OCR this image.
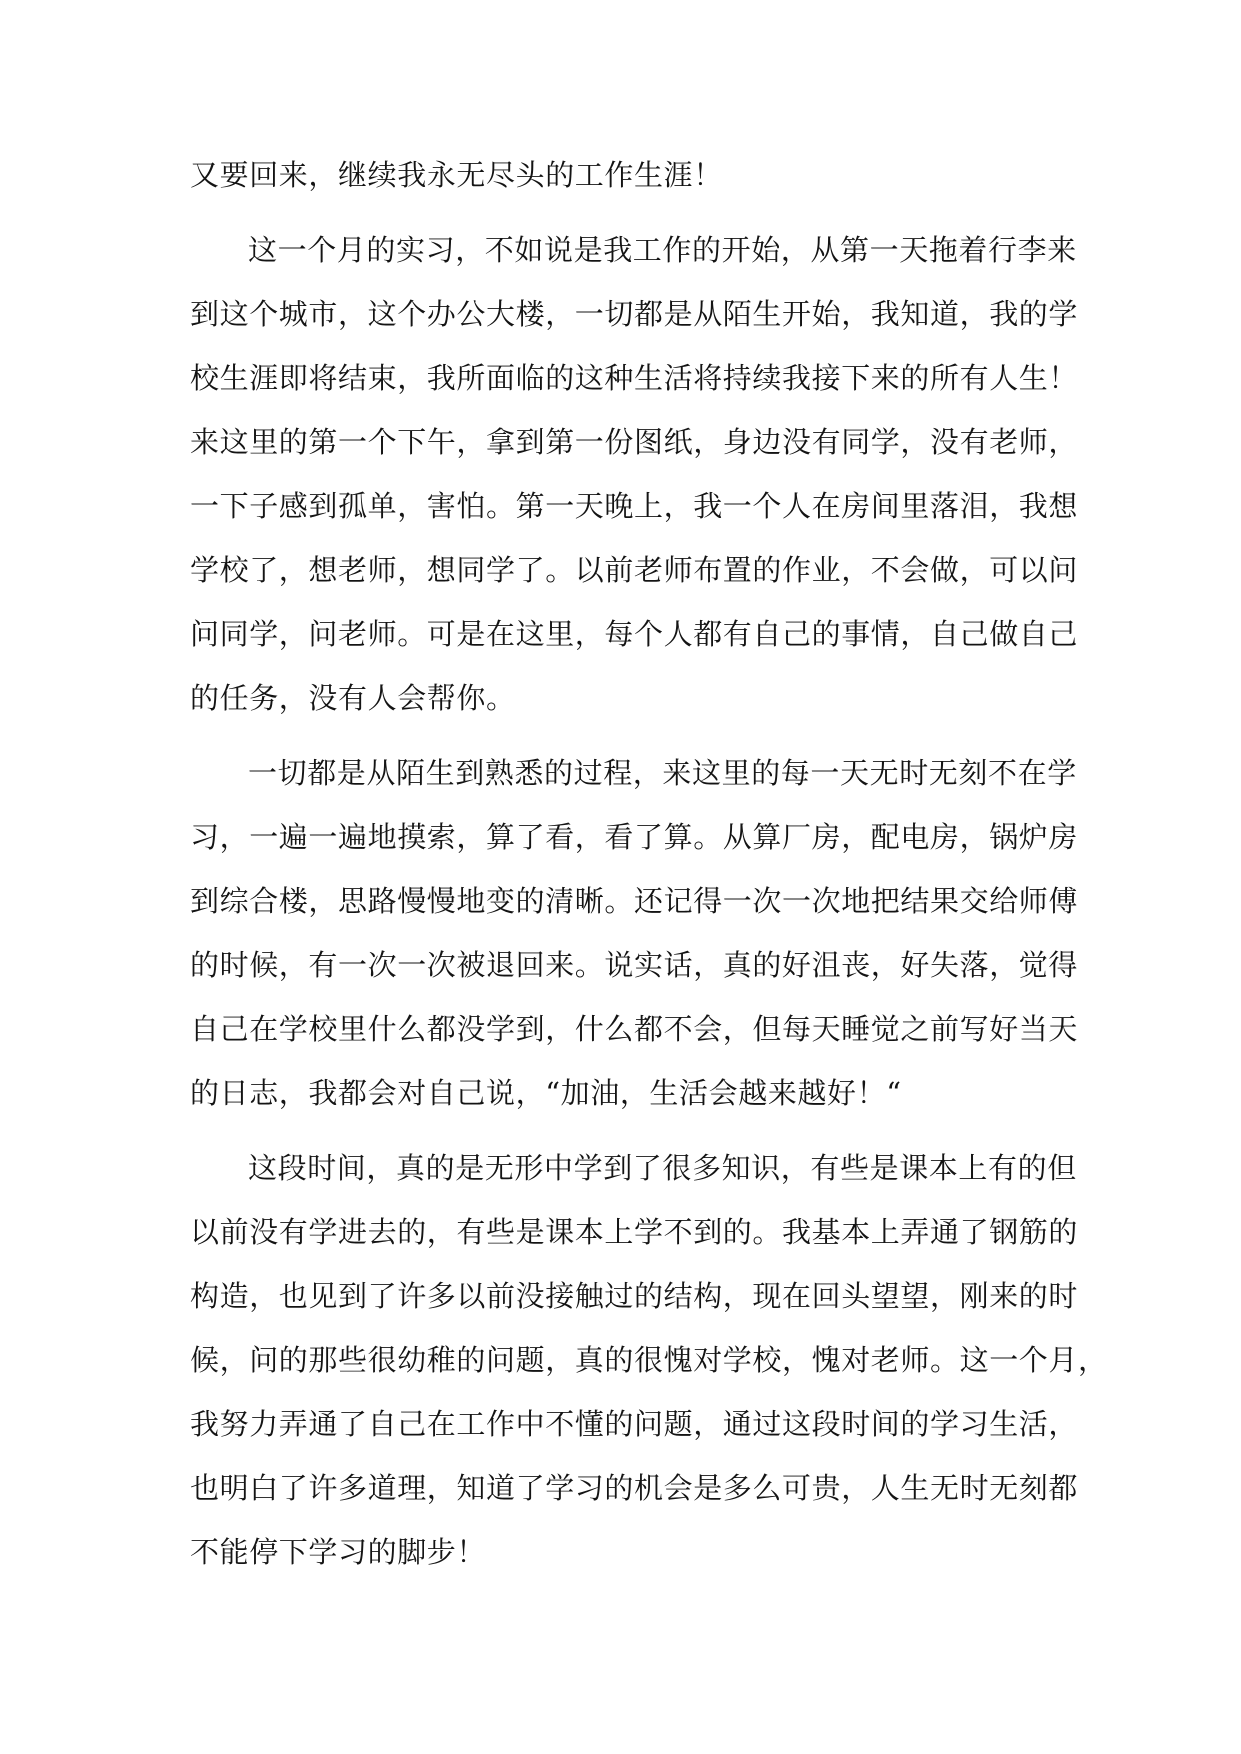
又要回来，继续我永无尽头的工作生涯！
这一个月的实习，不如说是我工作的开始，从第一天拖着行李来
到这个城市，这个办公大楼，一切都是从陌生开始，我知道，我的学
校生涯即将结束，我所面临的这种生活将持续我接下来的所有人生！
来这里的第一个下午，拿到第一份图纸，身边没有同学，没有老师，
一下子感到孤单，害怕。第一天晚上，我一个人在房间里落泪，我想
学校了，想老师，想同学了。以前老师布置的作业，不会做，可以问
问同学，问老师。可是在这里，每个人都有自己的事情，自己做自己
的任务，没有人会帮你。
一切都是从陌生到熟悉的过程，来这里的每一天无时无刻不在学
习，一遍一遍地摸索，算了看，看了算。从算厂房，配电房，锅炉房
到综合楼，思路慢慢地变的清晰。还记得一次一次地把结果交给师傅
的时候，有一次一次被退回来。说实话，真的好沮丧，好失落，觉得
自己在学校里什么都没学到，什么都不会，但每天睡觉之前写好当天
的日志，我都会对自己说，“加油，生活会越来越好！“
这段时间，真的是无形中学到了很多知识，有些是课本上有的但
以前没有学进去的，有些是课本上学不到的。我基本上弄通了钢筋的
构造，也见到了许多以前没接触过的结构，现在回头望望，刚来的时
候，问的那些很幼稚的问题，真的很愧对学校，愧对老师。这一个月，
我努力弄通了自己在工作中不懂的问题，通过这段时间的学习生活，
也明白了许多道理，知道了学习的机会是多么可贵，人生无时无刻都
不能停下学习的脚步！
